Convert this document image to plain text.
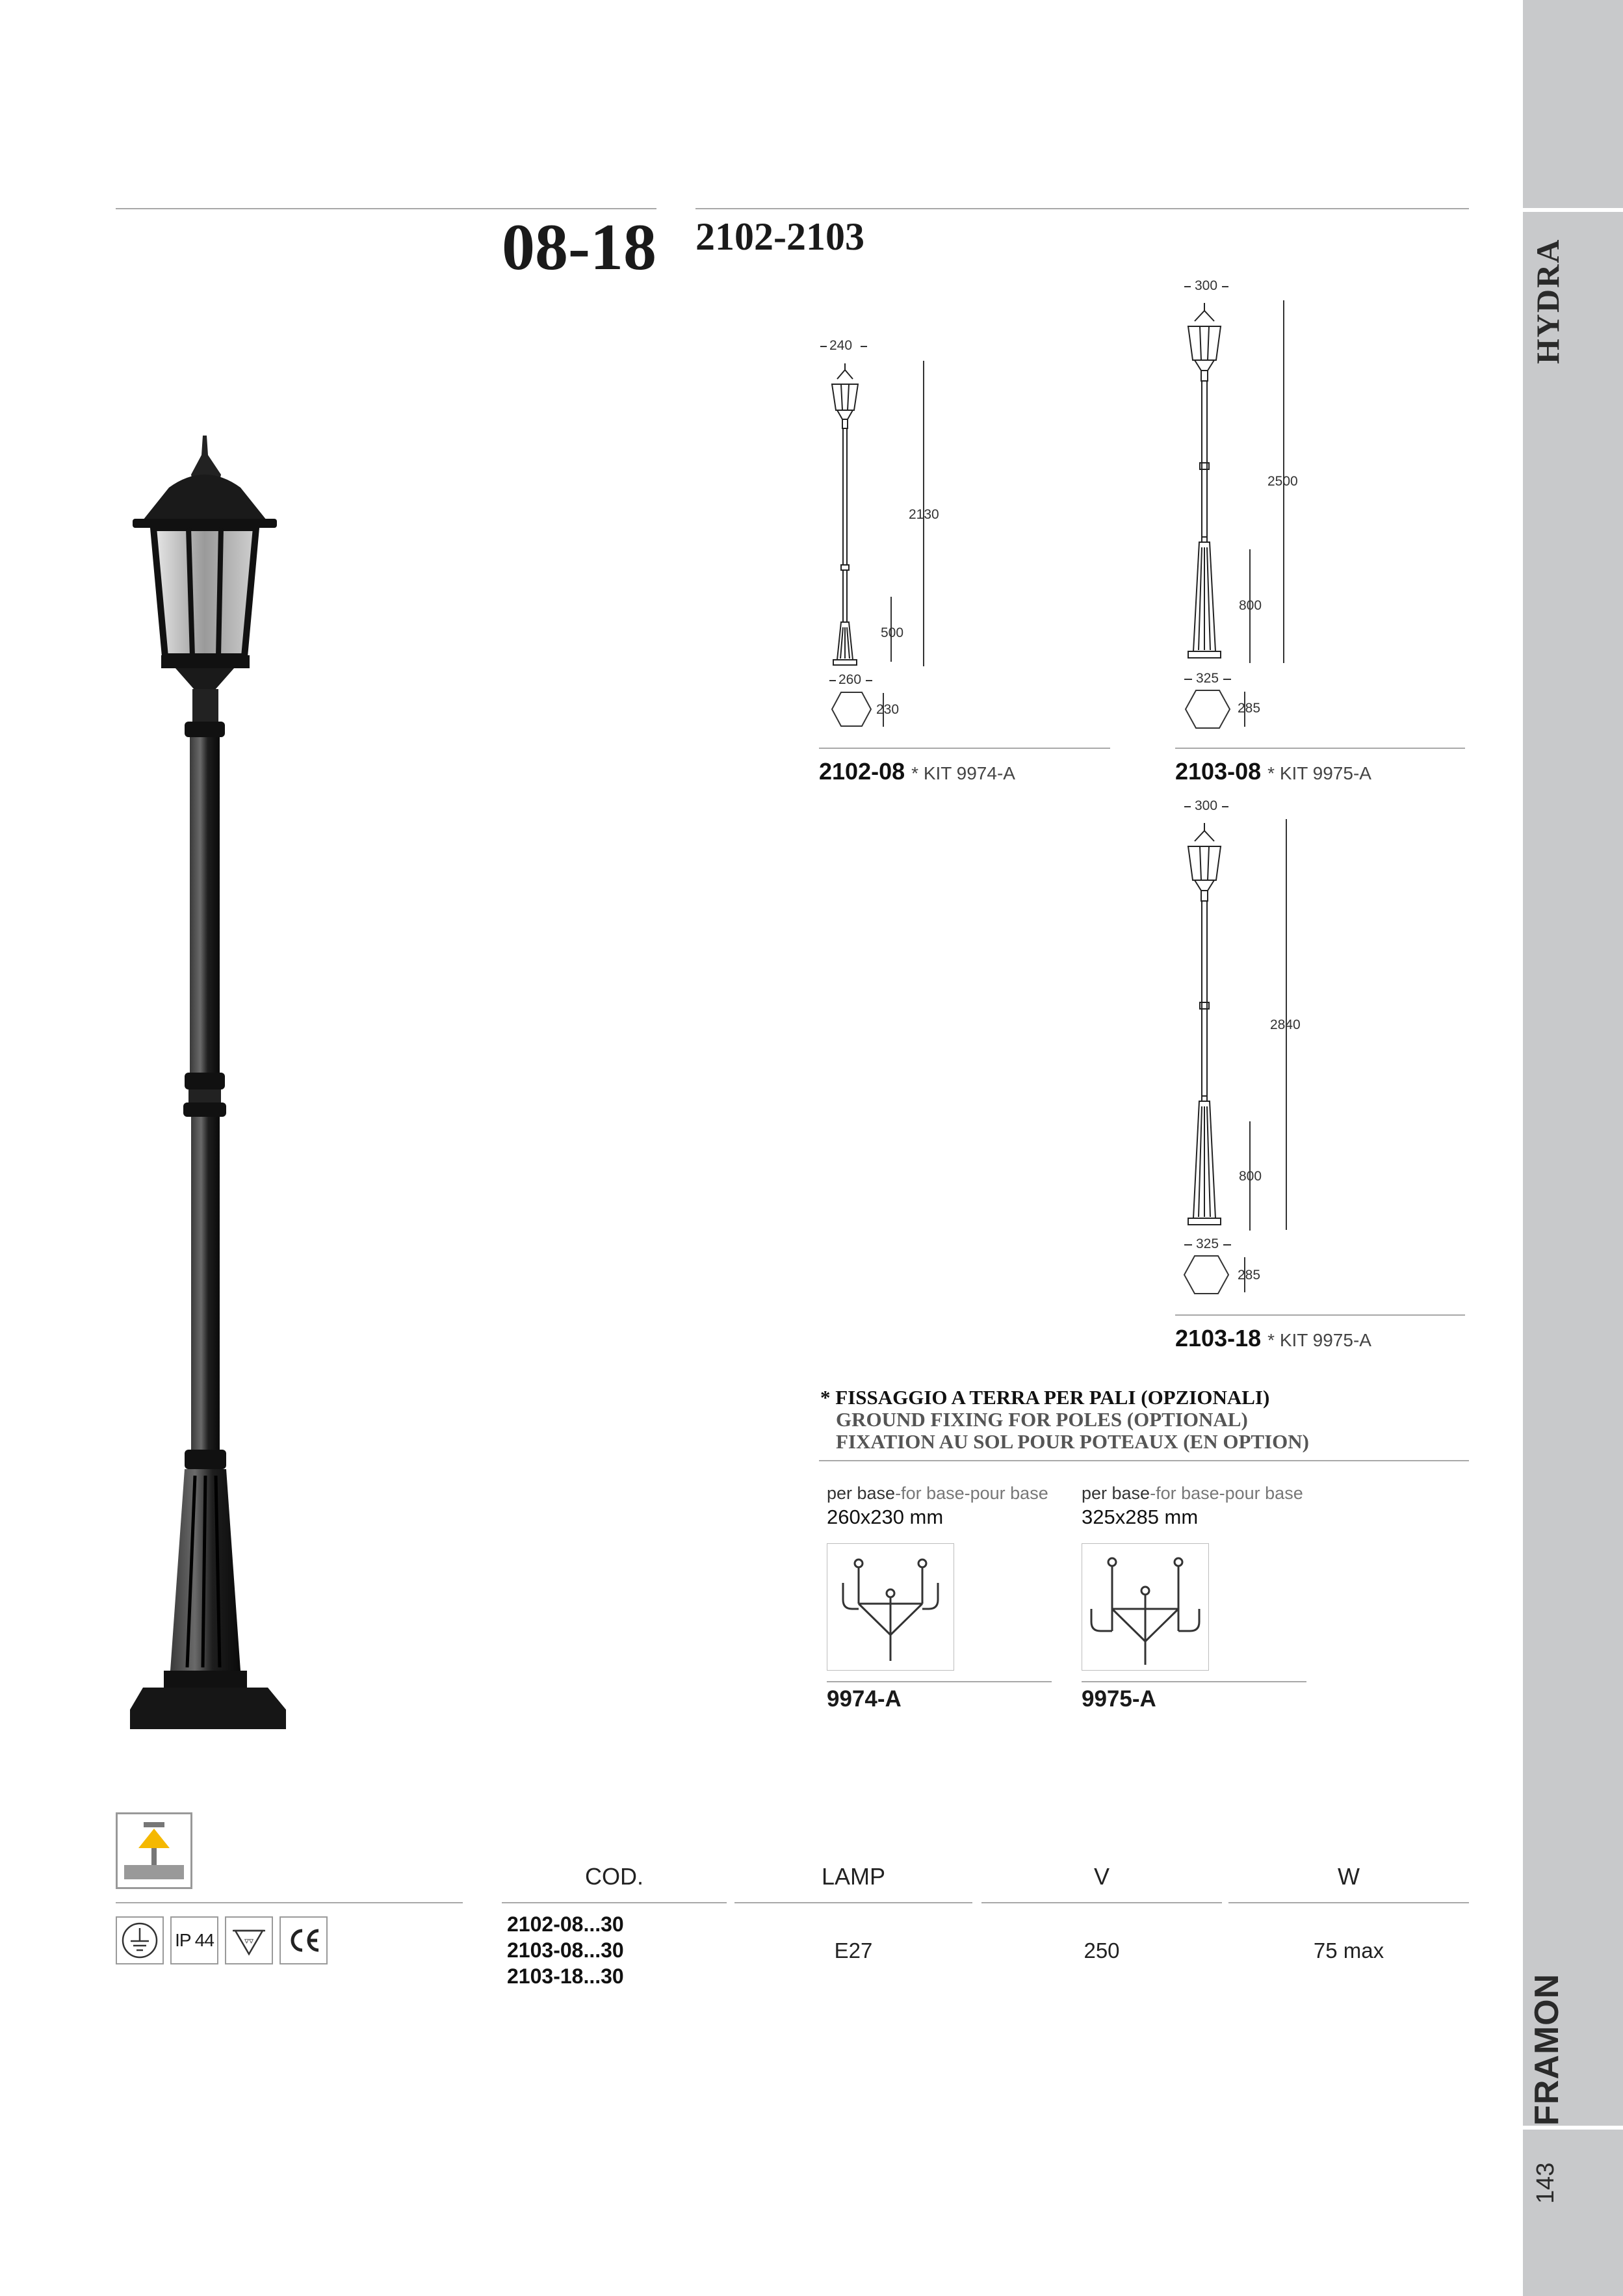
HYDRA
FRAMON
143
08-18 2102-2103
240
2130
500
260
230
300
2500
800
325
285
300
2840
800
325
285
2102-08 * KIT 9974-A	2103-08 * KIT 9975-A
2103-18 * KIT 9975-A
* FISSAGGIO A TERRA PER PALI (OPZIONALI)
GROUND FIXING FOR POLES (OPTIONAL)
FIXATION AU SOL POUR POTEAUX (EN OPTION)
per base-for base-pour base
260x230 mm
9974-A
per base-for base-pour base
325x285 mm
9975-A
IP 44	▿▿
COD.	LAMP	V	W
2102-08...30
2103-08...30
2103-18...30
E27	250	75 max
